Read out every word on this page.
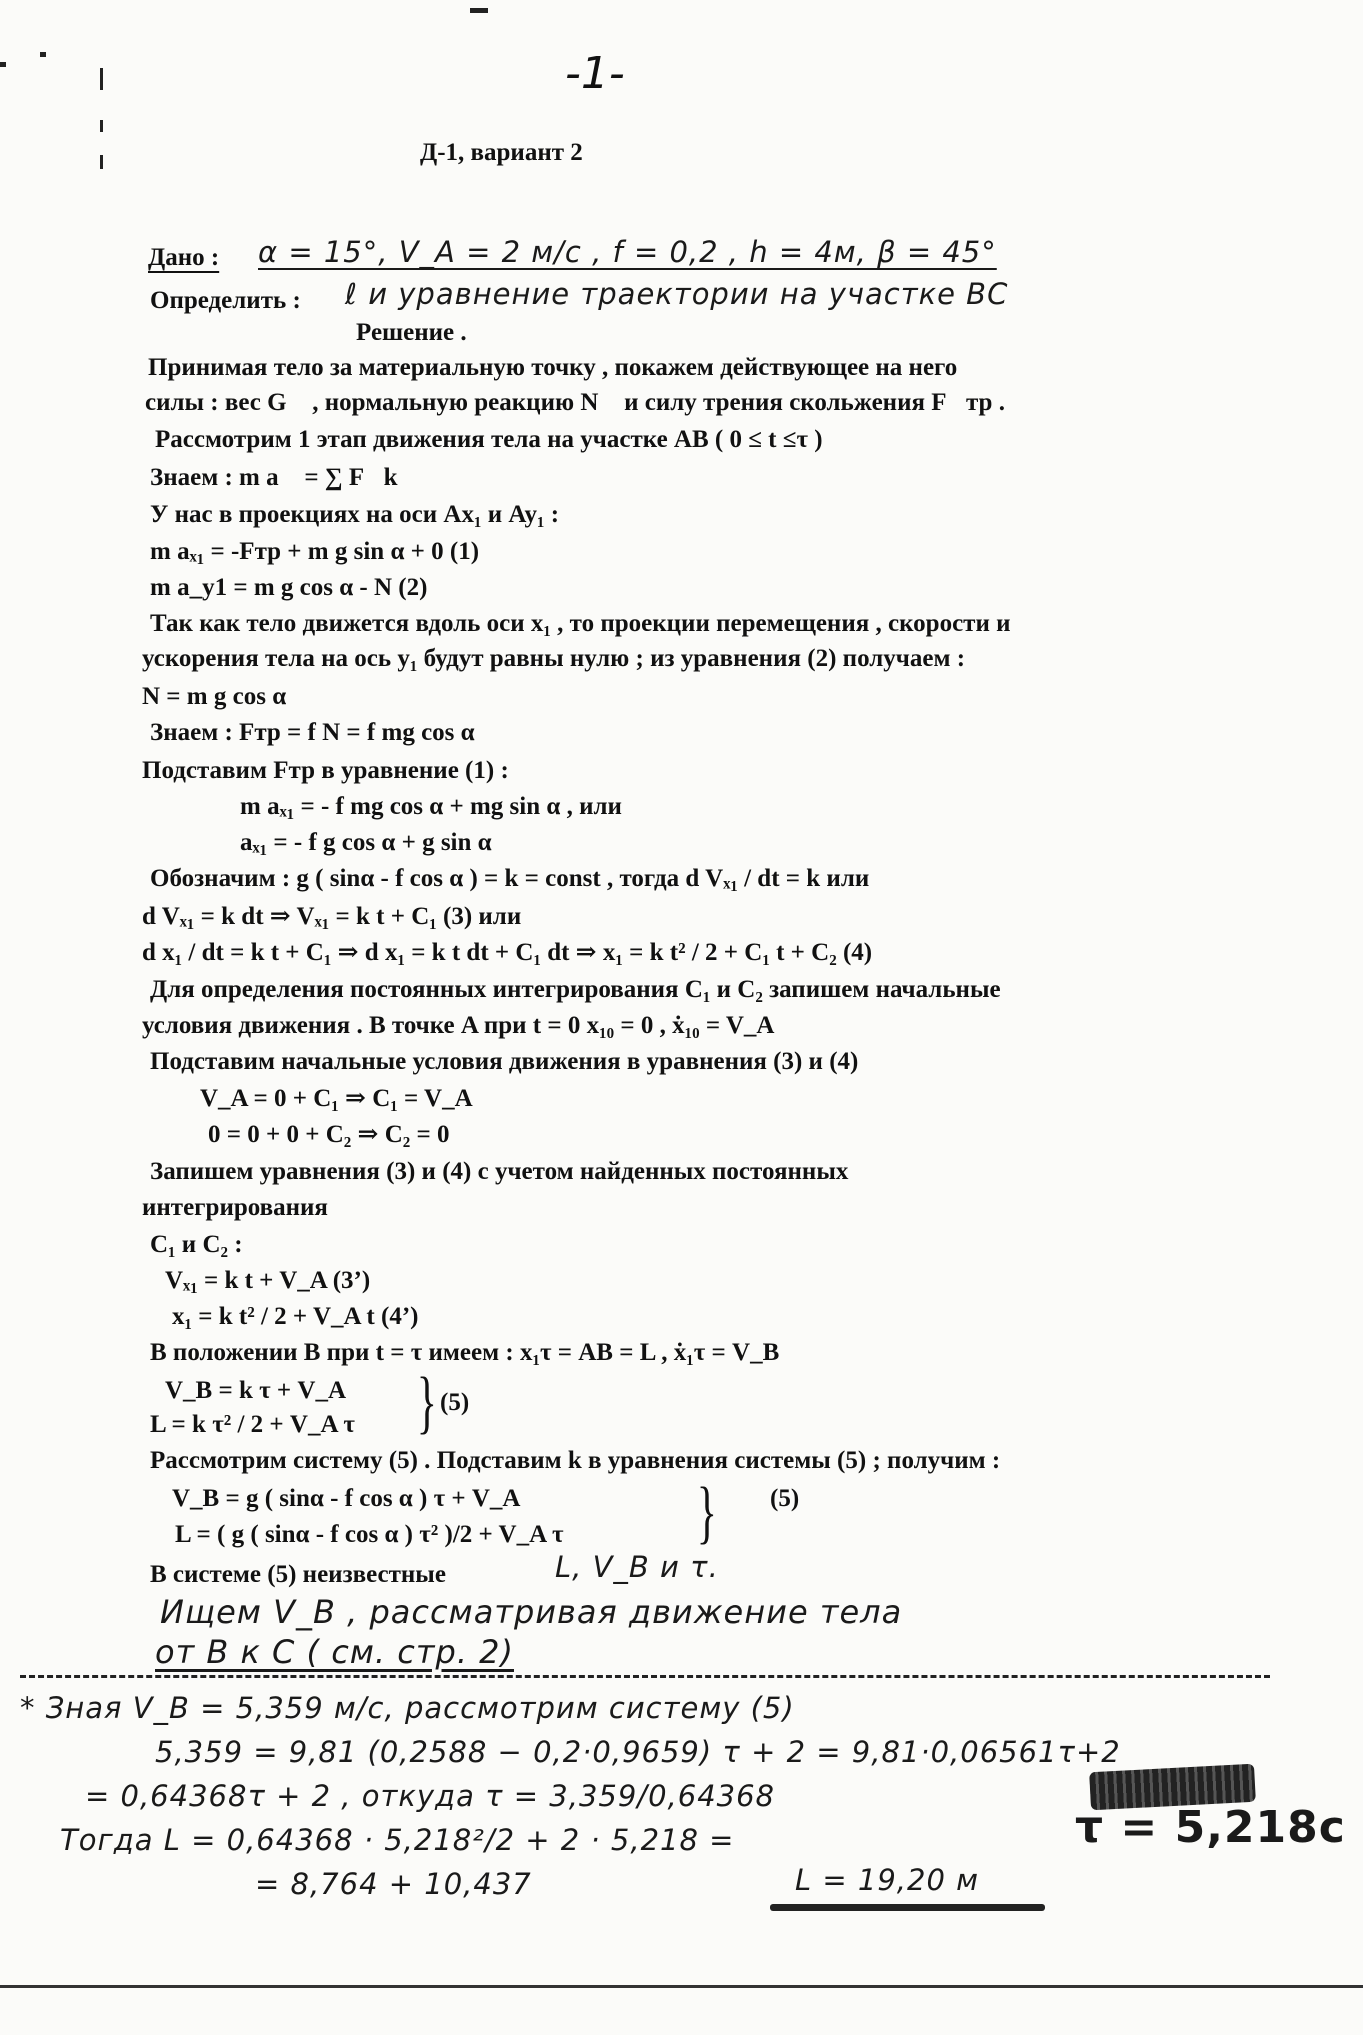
-1-
Д-1, вариант 2
Дано : α = 15°, V_A = 2 м/с , f = 0,2 , h = 4м, β = 45°
Определить : ℓ и уравнение траектории на участке BC
Решение .
Принимая тело за материальную точку , покажем действующее на него
силы : вес G⃗ , нормальную реакцию N⃗ и силу трения скольжения F⃗тр .
Рассмотрим 1 этап движения тела на участке AB ( 0 ≤ t ≤τ )
Знаем : m a⃗ = ∑ F⃗k
У нас в проекциях на оси Ax₁ и Ay₁ :
m aₓ₁ = -Fтр + m g sin α + 0 (1)
m a_y1 = m g cos α - N (2)
Так как тело движется вдоль оси x₁ , то проекции перемещения , скорости и
ускорения тела на ось y₁ будут равны нулю ; из уравнения (2) получаем :
N = m g cos α
Знаем : Fтр = f N = f mg cos α
Подставим Fтр в уравнение (1) :
m aₓ₁ = - f mg cos α + mg sin α , или
aₓ₁ = - f g cos α + g sin α
Обозначим : g ( sinα - f cos α ) = k = const , тогда d Vₓ₁ / dt = k или
d Vₓ₁ = k dt ⇒ Vₓ₁ = k t + C₁ (3) или
d x₁ / dt = k t + C₁ ⇒ d x₁ = k t dt + C₁ dt ⇒ x₁ = k t² / 2 + C₁ t + C₂ (4)
Для определения постоянных интегрирования C₁ и C₂ запишем начальные
условия движения . В точке A при t = 0 x₁₀ = 0 , ẋ₁₀ = V_A
Подставим начальные условия движения в уравнения (3) и (4)
V_A = 0 + C₁ ⇒ C₁ = V_A
0 = 0 + 0 + C₂ ⇒ C₂ = 0
Запишем уравнения (3) и (4) с учетом найденных постоянных
интегрирования
C₁ и C₂ :
Vₓ₁ = k t + V_A (3’)
x₁ = k t² / 2 + V_A t (4’)
В положении B при t = τ имеем : x₁τ = AB = L , ẋ₁τ = V_B
V_B = k τ + V_A
L = k τ² / 2 + V_A τ } (5)
Рассмотрим систему (5) . Подставим k в уравнения системы (5) ; получим :
V_B = g ( sinα - f cos α ) τ + V_A
L = ( g ( sinα - f cos α ) τ² )/2 + V_A τ } (5)
В системе (5) неизвестные	L, V_B и τ.
Ищем V_B , рассматривая движение тела
от B к C ( см. стр. 2)
* Зная V_B = 5,359 м/с, рассмотрим систему (5)
5,359 = 9,81 (0,2588 − 0,2·0,9659) τ + 2 = 9,81·0,06561τ+2
= 0,64368τ + 2 , откуда τ = 3,359/0,64368
Тогда L = 0,64368 · 5,218²/2 + 2 · 5,218 =
= 8,764 + 10,437	L = 19,20 м
τ = 5,218с
